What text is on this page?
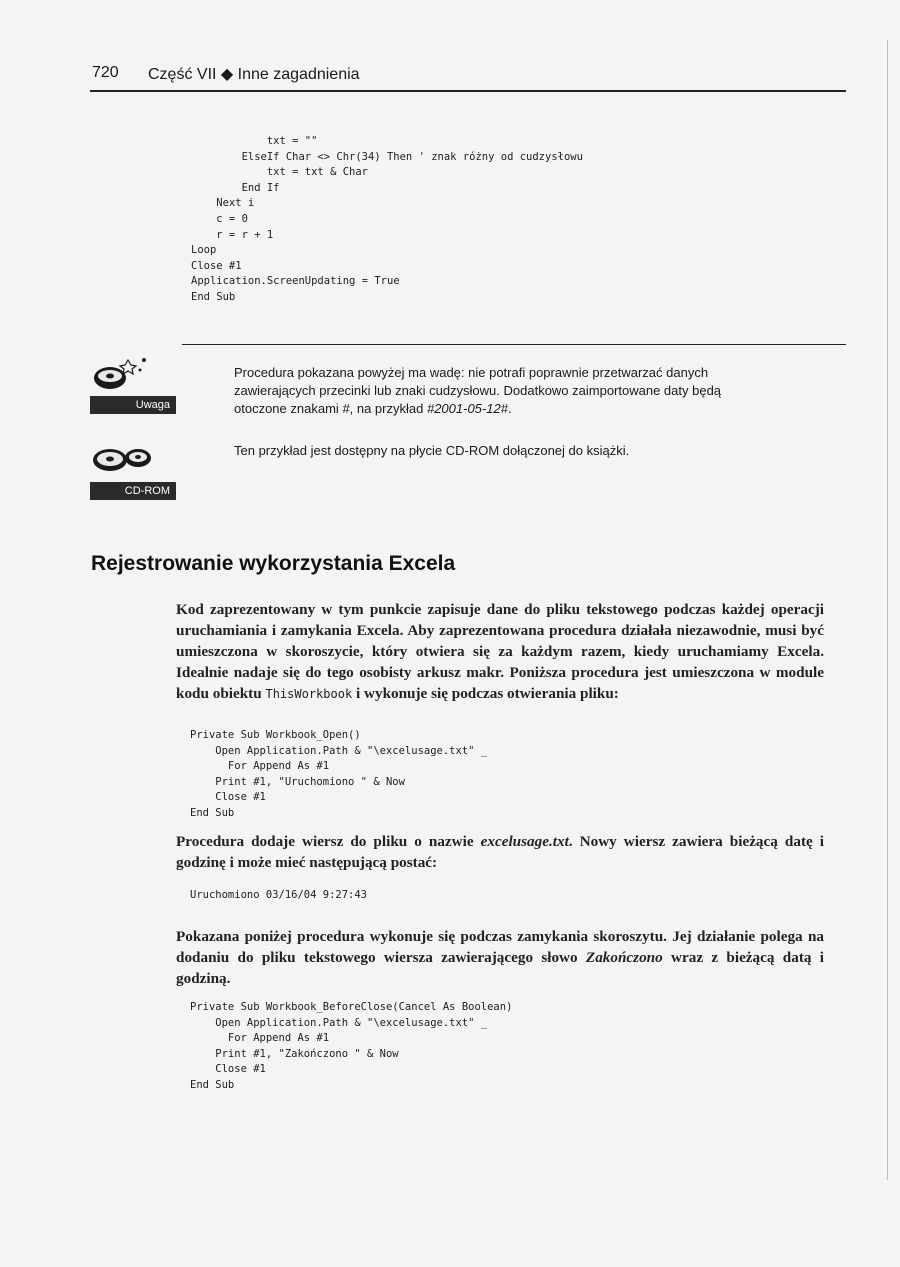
720 Część VII ◆ Inne zagadnienia
txt = ""
ElseIf Char <> Chr(34) Then ' znak różny od cudzysłowu
txt = txt & Char
End If
Next i
c = 0
r = r + 1
Loop
Close #1
Application.ScreenUpdating = True
End Sub
Uwaga
Procedura pokazana powyżej ma wadę: nie potrafi poprawnie przetwarzać danych zawierających przecinki lub znaki cudzysłowu. Dodatkowo zaimportowane daty będą otoczone znakami #, na przykład #2001-05-12#.
CD-ROM
Ten przykład jest dostępny na płycie CD-ROM dołączonej do książki.
Rejestrowanie wykorzystania Excela
Kod zaprezentowany w tym punkcie zapisuje dane do pliku tekstowego podczas każdej operacji uruchamiania i zamykania Excela. Aby zaprezentowana procedura działała niezawodnie, musi być umieszczona w skoroszycie, który otwiera się za każdym razem, kiedy uruchamiamy Excela. Idealnie nadaje się do tego osobisty arkusz makr. Poniższa procedura jest umieszczona w module kodu obiektu ThisWorkbook i wykonuje się podczas otwierania pliku:
Private Sub Workbook_Open()
Open Application.Path & "\excelusage.txt" _
For Append As #1
Print #1, "Uruchomiono " & Now
Close #1
End Sub
Procedura dodaje wiersz do pliku o nazwie excelusage.txt. Nowy wiersz zawiera bieżącą datę i godzinę i może mieć następującą postać:
Uruchomiono 03/16/04 9:27:43
Pokazana poniżej procedura wykonuje się podczas zamykania skoroszytu. Jej działanie polega na dodaniu do pliku tekstowego wiersza zawierającego słowo Zakończono wraz z bieżącą datą i godziną.
Private Sub Workbook_BeforeClose(Cancel As Boolean)
Open Application.Path & "\excelusage.txt" _
For Append As #1
Print #1, "Zakończono " & Now
Close #1
End Sub
